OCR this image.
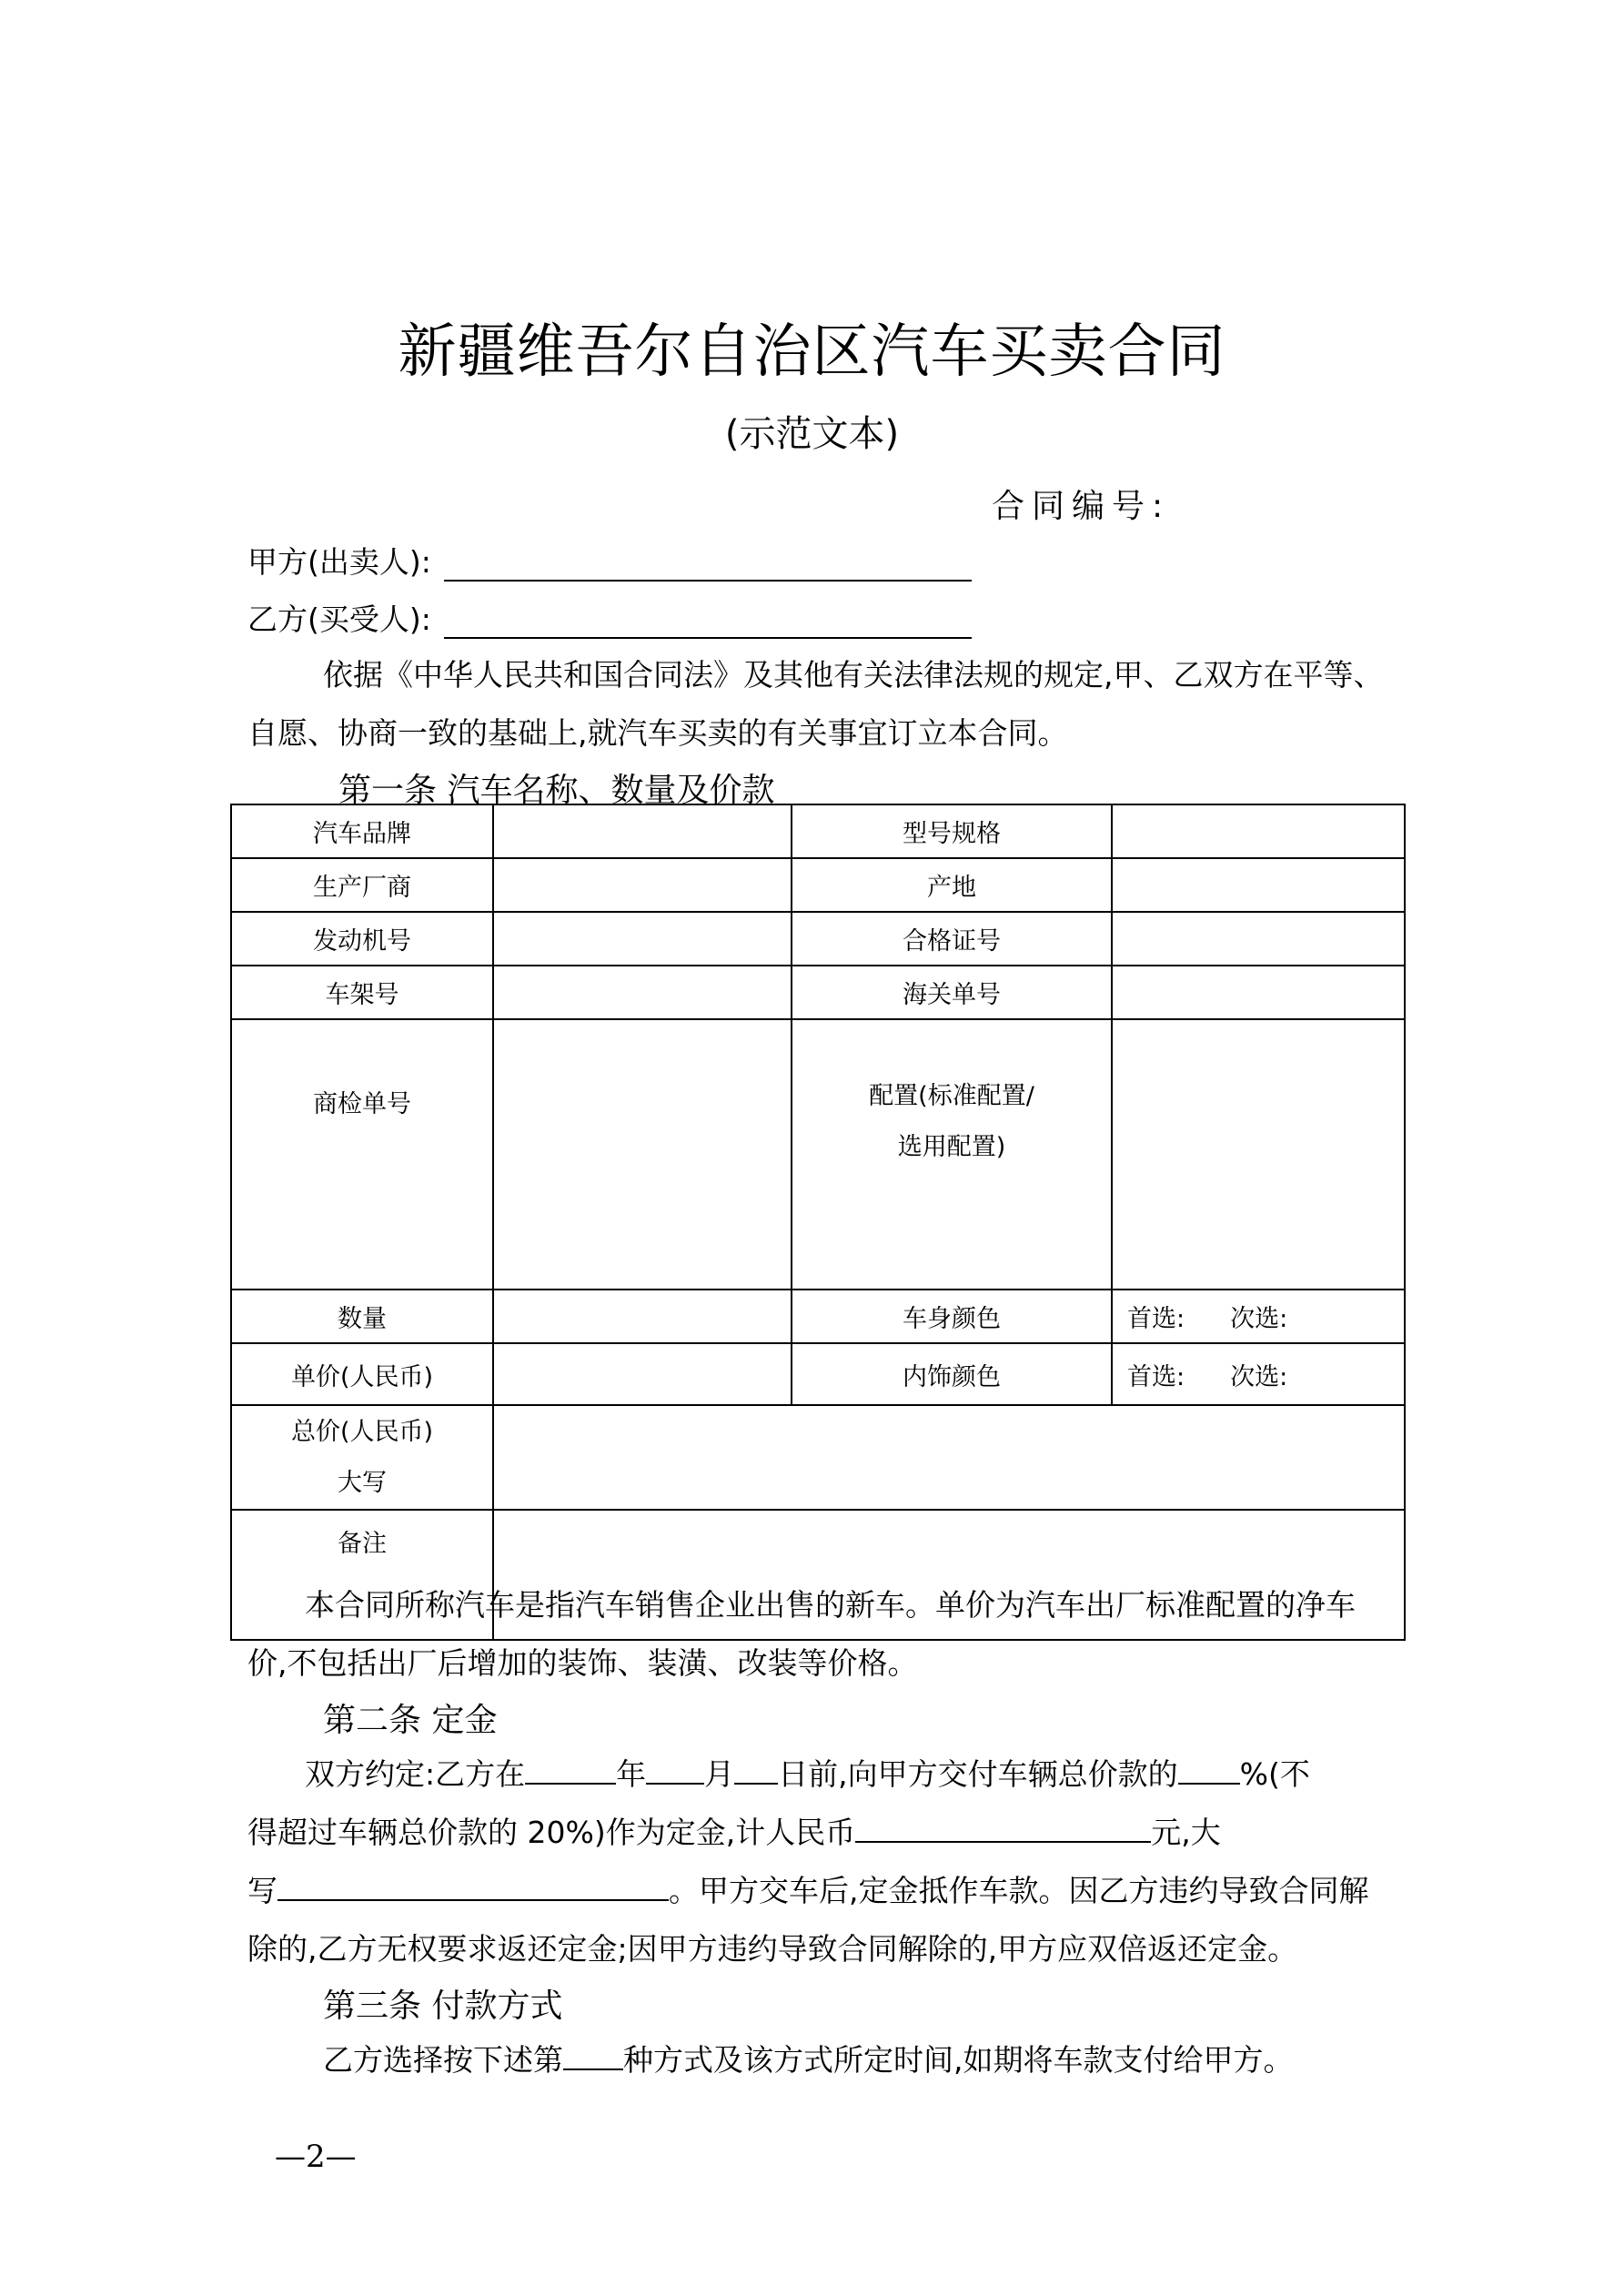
新疆维吾尔自治区汽车买卖合同
(示范文本)
合同编号:
甲方(出卖人):
乙方(买受人):
依据《中华人民共和国合同法》及其他有关法律法规的规定,甲、乙双方在平等、
自愿、协商一致的基础上,就汽车买卖的有关事宜订立本合同。
第一条 汽车名称、数量及价款
汽车品牌		型号规格	
生产厂商		产地	
发动机号		合格证号	
车架号		海关单号	
商检单号		配置(标准配置/
选用配置)	

数量		车身颜色	首选: 次选:
单价(人民币)		内饰颜色	首选: 次选:

总价(人民币)
大写			

备注			
本合同所称汽车是指汽车销售企业出售的新车。单价为汽车出厂标准配置的净车
价,不包括出厂后增加的装饰、装潢、改装等价格。
第二条 定金
双方约定:乙方在	年 月 日前,向甲方交付车辆总价款的 %(不
得超过车辆总价款的 20%)作为定金,计人民币	元,大
写	。甲方交车后,定金抵作车款。因乙方违约导致合同解
除的,乙方无权要求返还定金;因甲方违约导致合同解除的,甲方应双倍返还定金。
第三条 付款方式
乙方选择按下述第 种方式及该方式所定时间,如期将车款支付给甲方。
—2—
